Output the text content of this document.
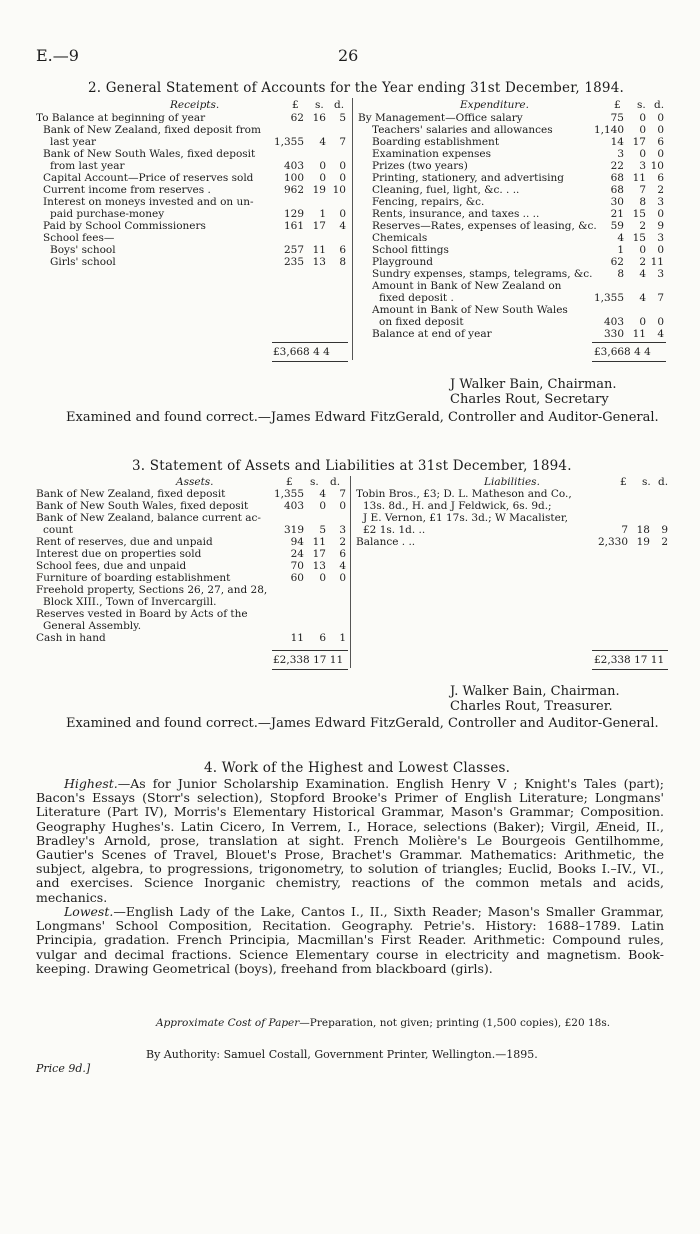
E.—9	26
2. General Statement of Accounts for the Year ending 31st December, 1894.
Receipts.	Expenditure.
£ s. d.	£ s. d.
To Balance at beginning of year	62 16	5
Bank of New Zealand, fixed deposit from
last year	1,355	4	7
Bank of New South Wales, fixed deposit
from last year	403	0	0
Capital Account—Price of reserves sold	100	0	0
Current income from reserves .	962 19 10
Interest on moneys invested and on un-
paid purchase-money	129	1	0
Paid by School Commissioners	161 17	4
School fees—
Boys' school	257 11	6
Girls' school	235 13	8
By Management—Office salary	75	0	0
Teachers' salaries and allowances	1,140	0	0
Boarding establishment	14 17	6
Examination expenses	3	0	0
Prizes (two years)	22	3 10
Printing, stationery, and advertising	68 11	6
Cleaning, fuel, light, &c. . ..	68	7	2
Fencing, repairs, &c.	30	8	3
Rents, insurance, and taxes .. ..	21 15	0
Reserves—Rates, expenses of leasing, &c.	59	2	9
Chemicals	4 15	3
School fittings	1	0	0
Playground	62	2 11
Sundry expenses, stamps, telegrams, &c.	8	4	3
Amount in Bank of New Zealand on
fixed deposit .	1,355	4	7
Amount in Bank of New South Wales
on fixed deposit	403	0	0
Balance at end of year	330 11	4
£3,668 4 4	£3,668 4 4
J Walker Bain, Chairman.
Charles Rout, Secretary
Examined and found correct.—James Edward FitzGerald, Controller and Auditor-General.
3. Statement of Assets and Liabilities at 31st December, 1894.
Assets.	Liabilities.
£ s. d.	£ s. d.
Bank of New Zealand, fixed deposit	1,355	4	7
Bank of New South Wales, fixed deposit	403	0	0
Bank of New Zealand, balance current ac-
count	319	5	3
Rent of reserves, due and unpaid	94 11	2
Interest due on properties sold	24 17	6
School fees, due and unpaid	70 13	4
Furniture of boarding establishment	60	0	0
Freehold property, Sections 26, 27, and 28,
Block XIII., Town of Invercargill.
Reserves vested in Board by Acts of the
General Assembly.
Cash in hand	11	6	1
Tobin Bros., £3; D. L. Matheson and Co.,
13s. 8d., H. and J Feldwick, 6s. 9d.;
J E. Vernon, £1 17s. 3d.; W Macalister,
£2 1s. 1d. ..	7 18	9
Balance . ..	2,330 19	2
£2,338 17 11	£2,338 17 11
J. Walker Bain, Chairman.
Charles Rout, Treasurer.
Examined and found correct.—James Edward FitzGerald, Controller and Auditor-General.
4. Work of the Highest and Lowest Classes.
Highest.—As for Junior Scholarship Examination. English Henry V ; Knight's Tales (part); Bacon's Essays (Storr's selection), Stopford Brooke's Primer of English Literature; Longmans' Literature (Part IV), Morris's Elementary Historical Grammar, Mason's Grammar; Composition. Geography Hughes's. Latin Cicero, In Verrem, I., Horace, selections (Baker); Virgil, Æneid, II., Bradley's Arnold, prose, translation at sight. French Molière's Le Bourgeois Gentilhomme, Gautier's Scenes of Travel, Blouet's Prose, Brachet's Grammar. Mathematics: Arithmetic, the subject, algebra, to progressions, trigonometry, to solution of triangles; Euclid, Books I.–IV., VI., and exercises. Science Inorganic chemistry, reactions of the common metals and acids, mechanics.
Lowest.—English Lady of the Lake, Cantos I., II., Sixth Reader; Mason's Smaller Grammar, Longmans' School Composition, Recitation. Geography. Petrie's. History: 1688–1789. Latin Principia, gradation. French Principia, Macmillan's First Reader. Arithmetic: Compound rules, vulgar and decimal fractions. Science Elementary course in electricity and magnetism. Book-keeping. Drawing Geometrical (boys), freehand from blackboard (girls).
Approximate Cost of Paper—Preparation, not given; printing (1,500 copies), £20 18s.
By Authority: Samuel Costall, Government Printer, Wellington.—1895.
Price 9d.]
